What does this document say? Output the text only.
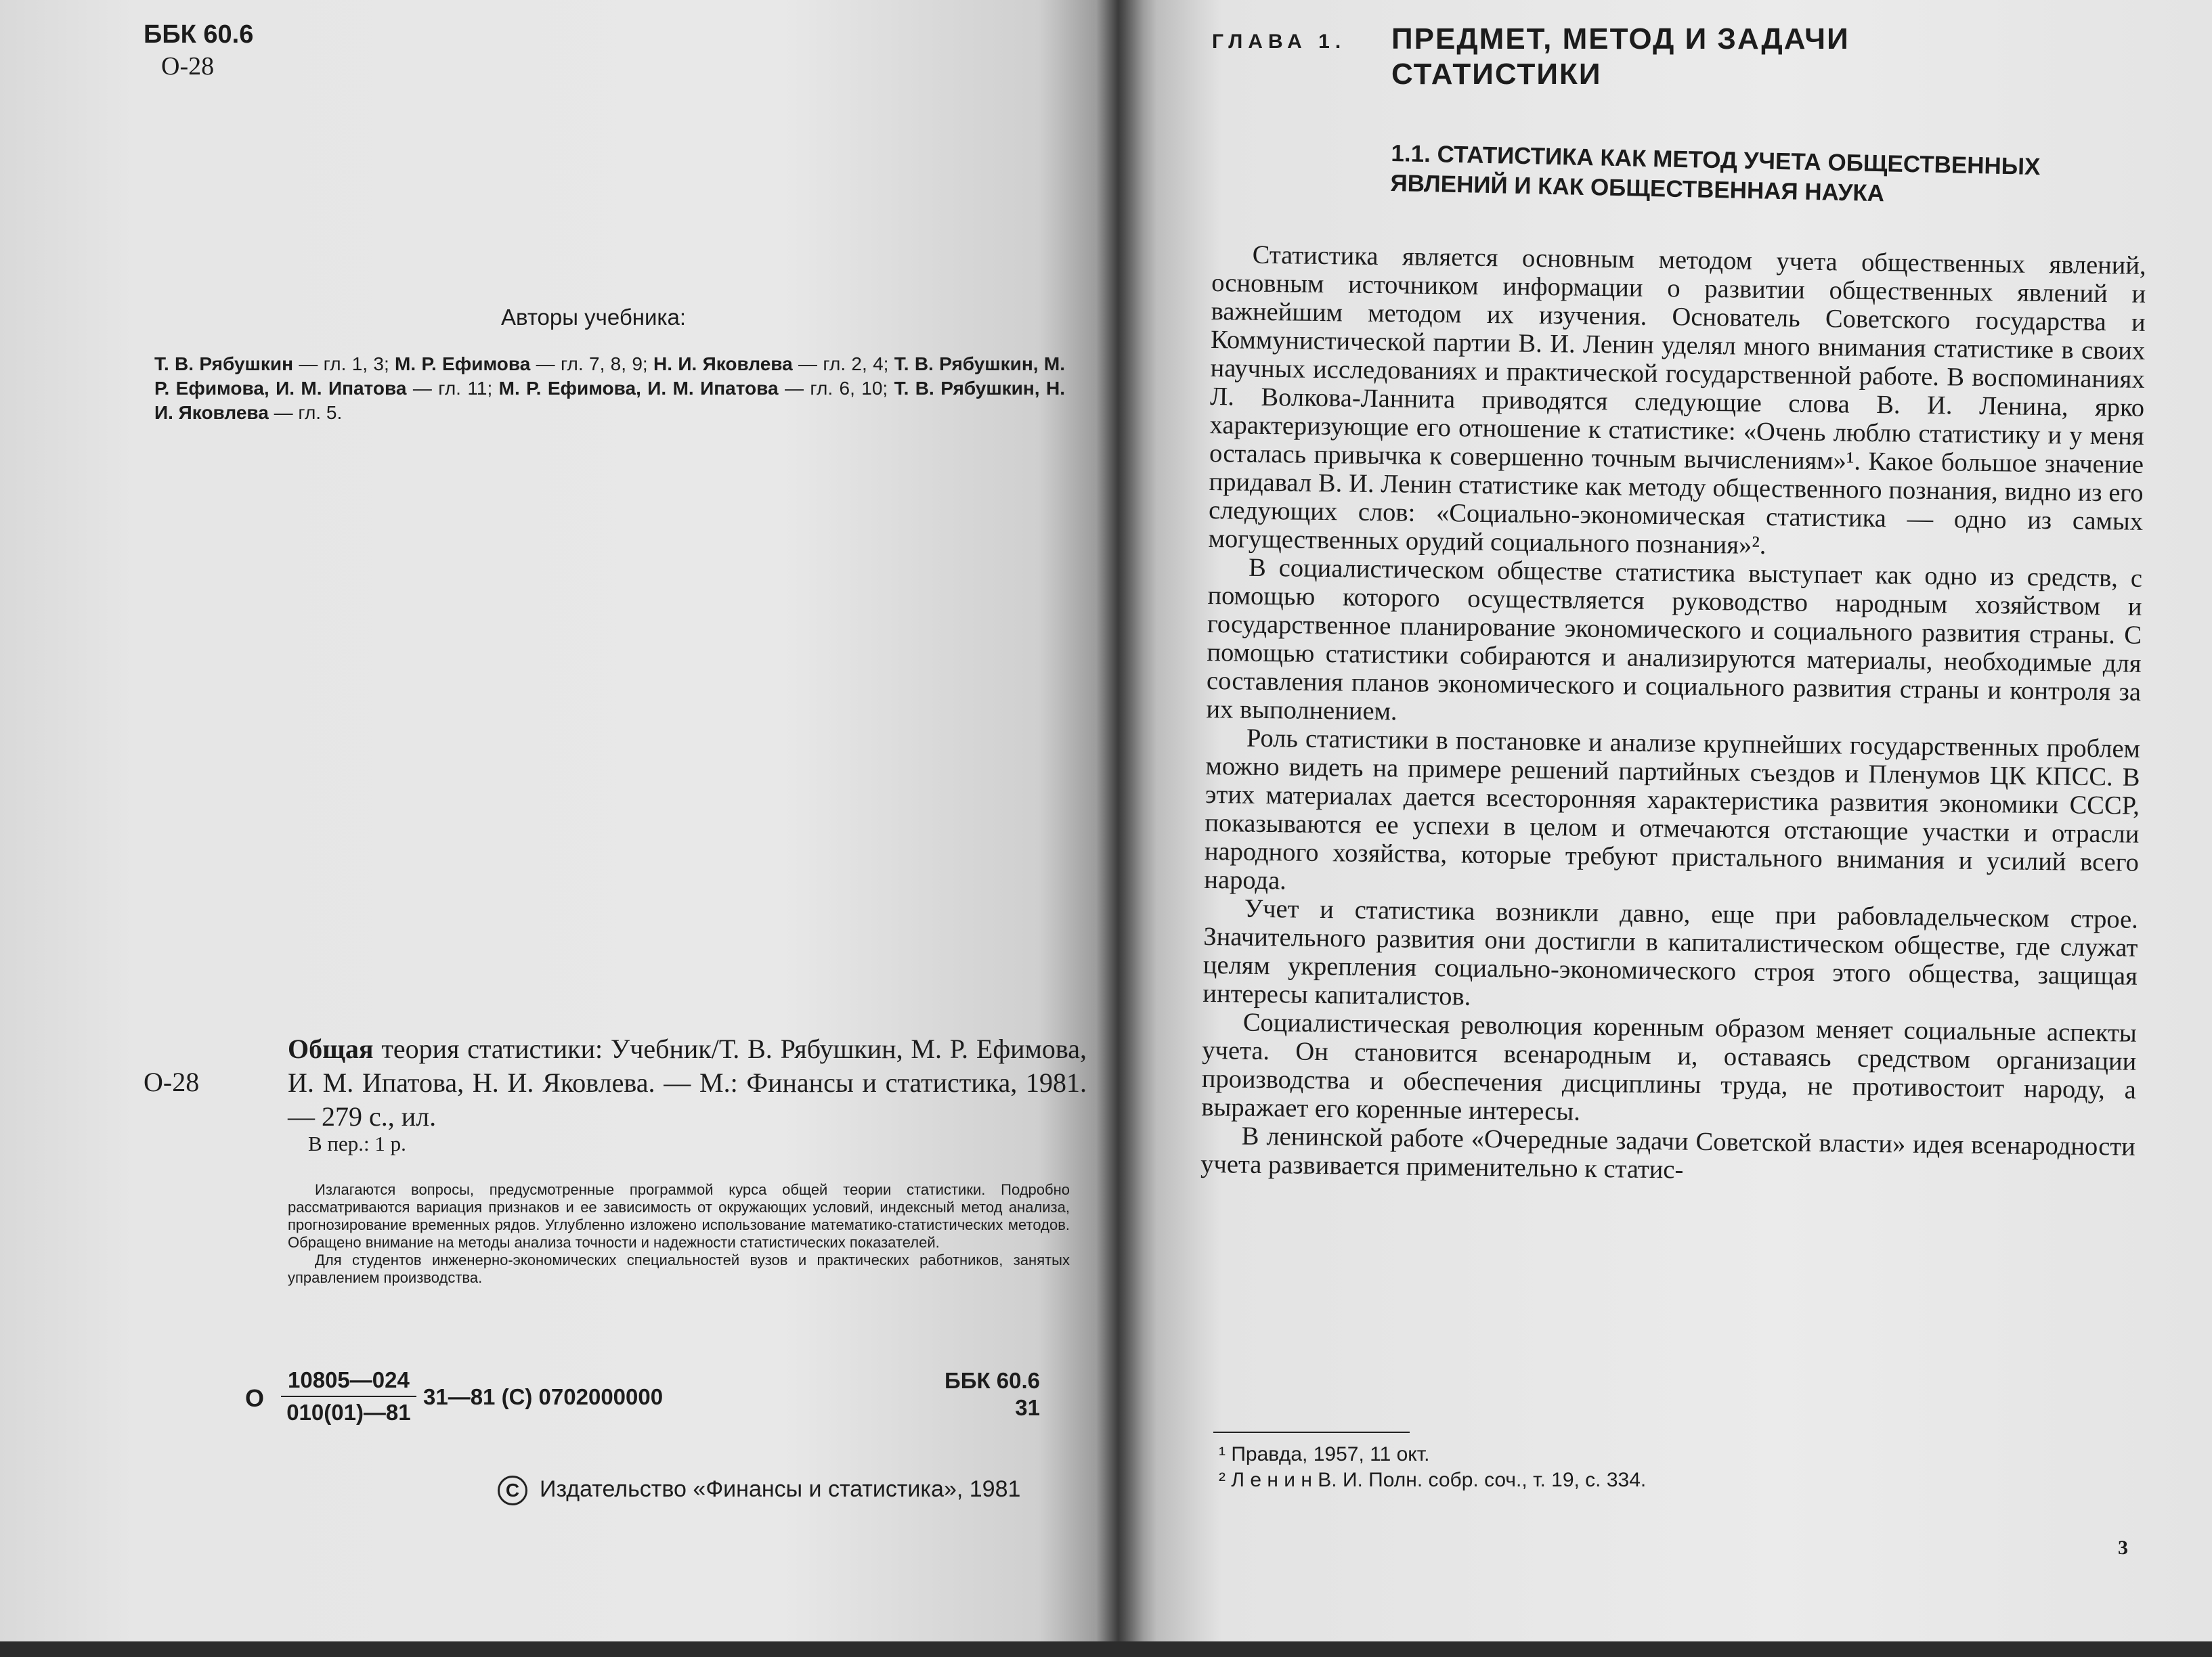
ББК 60.6
О-28
Авторы учебника:
Т. В. Рябушкин — гл. 1, 3; М. Р. Ефимова — гл. 7, 8, 9; Н. И. Яковлева — гл. 2, 4; Т. В. Рябушкин, М. Р. Ефимова, И. М. Ипатова — гл. 11; М. Р. Ефимова, И. М. Ипатова — гл. 6, 10; Т. В. Рябушкин, Н. И. Яковлева — гл. 5.
О-28
Общая теория статистики: Учебник/Т. В. Рябушкин, М. Р. Ефимова, И. М. Ипатова, Н. И. Яковлева. — М.: Финансы и статистика, 1981. — 279 с., ил.
В пер.: 1 р.

Излагаются вопросы, предусмотренные программой курса общей теории статистики. Подробно рассматриваются вариация признаков и ее зависимость от окружающих условий, индексный метод анализа, прогнозирование временных рядов. Углубленно изложено использование математико-статистических методов. Обращено внимание на методы анализа точности и надежности статистических показателей.

Для студентов инженерно-экономических специальностей вузов и практических работников, занятых управлением производства.

О $\frac{10805—024}{010(01)—81}$ 31—81 (С) 0702000000
ББК 60.6
31
C Издательство «Финансы и статистика», 1981
ГЛАВА 1. ПРЕДМЕТ, МЕТОД И ЗАДАЧИ
СТАТИСТИКИ
1.1. СТАТИСТИКА КАК МЕТОД УЧЕТА ОБЩЕСТВЕННЫХ
ЯВЛЕНИЙ И КАК ОБЩЕСТВЕННАЯ НАУКА

Статистика является основным методом учета общественных явлений, основным источником информации о развитии общественных явлений и важнейшим методом их изучения. Основатель Советского государства и Коммунистической партии В. И. Ленин уделял много внимания статистике в своих научных исследованиях и практической государственной работе. В воспоминаниях Л. Волкова-Ланнита приводятся следующие слова В. И. Ленина, ярко характеризующие его отношение к статистике: «Очень люблю статистику и у меня осталась привычка к совершенно точным вычислениям»¹. Какое большое значение придавал В. И. Ленин статистике как методу общественного познания, видно из его следующих слов: «Социально-экономическая статистика — одно из самых могущественных орудий социального познания»².

В социалистическом обществе статистика выступает как одно из средств, с помощью которого осуществляется руководство народным хозяйством и государственное планирование экономического и социального развития страны. С помощью статистики собираются и анализируются материалы, необходимые для составления планов экономического и социального развития страны и контроля за их выполнением.

Роль статистики в постановке и анализе крупнейших государственных проблем можно видеть на примере решений партийных съездов и Пленумов ЦК КПСС. В этих материалах дается всесторонняя характеристика развития экономики СССР, показываются ее успехи в целом и отмечаются отстающие участки и отрасли народного хозяйства, которые требуют пристального внимания и усилий всего народа.

Учет и статистика возникли давно, еще при рабовладельческом строе. Значительного развития они достигли в капиталистическом обществе, где служат целям укрепления социально-экономического строя этого общества, защищая интересы капиталистов.

Социалистическая революция коренным образом меняет социальные аспекты учета. Он становится всенародным и, оставаясь средством организации производства и обеспечения дисциплины труда, не противостоит народу, а выражает его коренные интересы.

В ленинской работе «Очередные задачи Советской власти» идея всенародности учета развивается применительно к статис-

¹ Правда, 1957, 11 окт.
² Л е н и н В. И. Полн. собр. соч., т. 19, с. 334.
3
